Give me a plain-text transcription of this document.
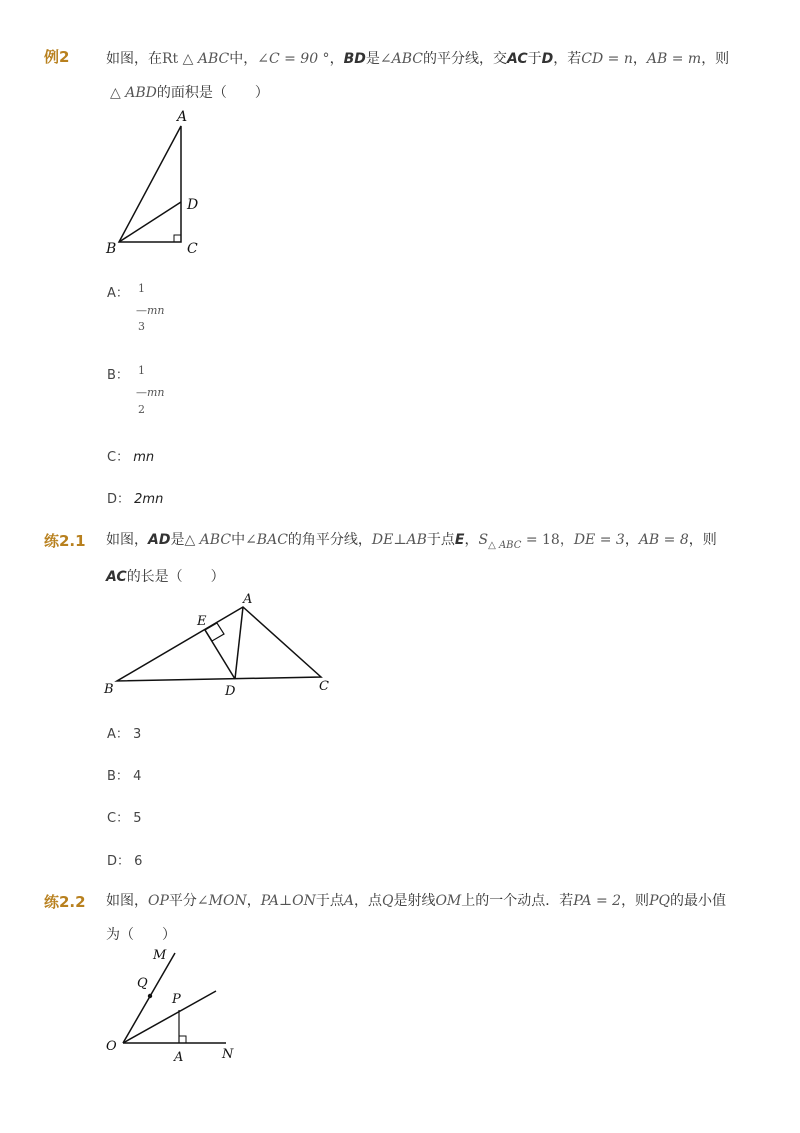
例2	如图，在Rt △ ABC中，∠C = 90 °，BD是∠ABC的平分线，交AC于D，若CD = n，AB = m，则
△ ABD的面积是（　　）
A
D
B	C
A： 1
—mn
3
B： 1
—mn
2
C： mn
D： 2mn
练2.1 如图，AD是△ ABC中∠BAC的角平分线，DE⊥AB于点E，$S_{\triangle ABC} = 18$，DE = 3，AB = 8，则
AC的长是（　　）
A
E
B	D	C
A： 3
B： 4
C： 5
D： 6
练2.2 如图，OP平分∠MON，PA⊥ON于点A，点Q是射线OM上的一个动点．若PA = 2，则PQ的最小值
为（　　）
M
Q
P
O
A	N
